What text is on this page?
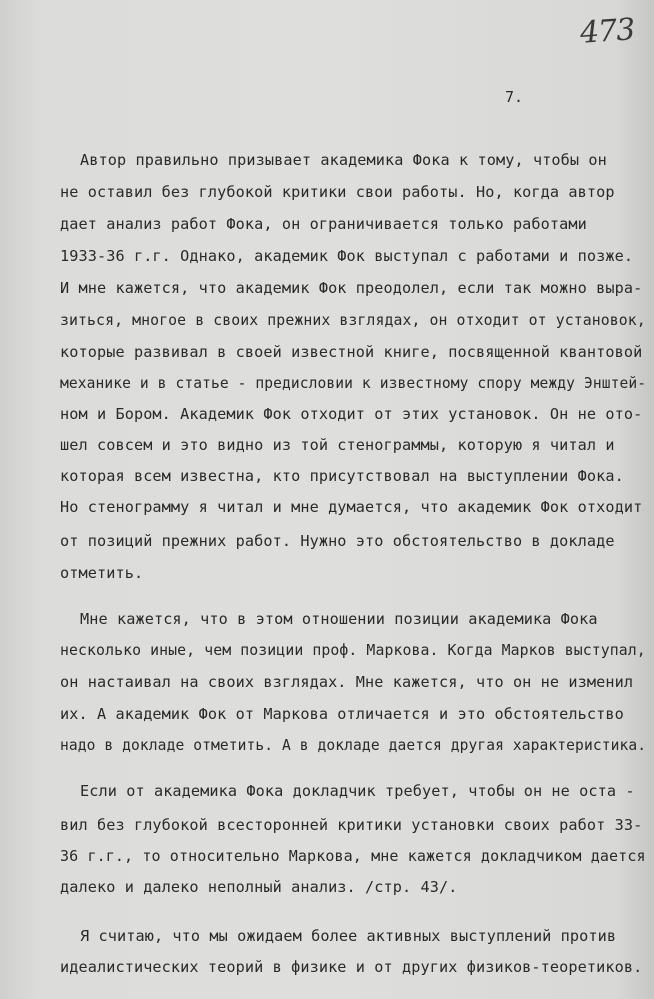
473
7.
Автор правильно призывает академика Фока к тому, чтобы он
не оставил без глубокой критики свои работы. Но, когда автор
дает анализ работ Фока, он ограничивается только работами
1933-36 г.г. Однако, академик Фок выступал с работами и позже.
И мне кажется, что академик Фок преодолел, если так можно выра-
зиться, многое в своих прежних взглядах, он отходит от установок,
которые развивал в своей известной книге, посвященной квантовой
механике и в статье - предисловии к известному спору между Энштей-
ном и Бором. Академик Фок отходит от этих установок. Он не ото-
шел совсем и это видно из той стенограммы, которую я читал и
которая всем известна, кто присутствовал на выступлении Фока.
Но стенограмму я читал и мне думается, что академик Фок отходит
от позиций прежних работ. Нужно это обстоятельство в докладе
отметить.
Мне кажется, что в этом отношении позиции академика Фока
несколько иные, чем позиции проф. Маркова. Когда Марков выступал,
он настаивал на своих взглядах. Мне кажется, что он не изменил
их. А академик Фок от Маркова отличается и это обстоятельство
надо в докладе отметить. А в докладе дается другая характеристика.
Если от академика Фока докладчик требует, чтобы он не оста -
вил без глубокой всесторонней критики установки своих работ 33-
36 г.г., то относительно Маркова, мне кажется докладчиком дается
далеко и далеко неполный анализ. /стр. 43/.
Я считаю, что мы ожидаем более активных выступлений против
идеалистических теорий в физике и от других физиков-теоретиков.
